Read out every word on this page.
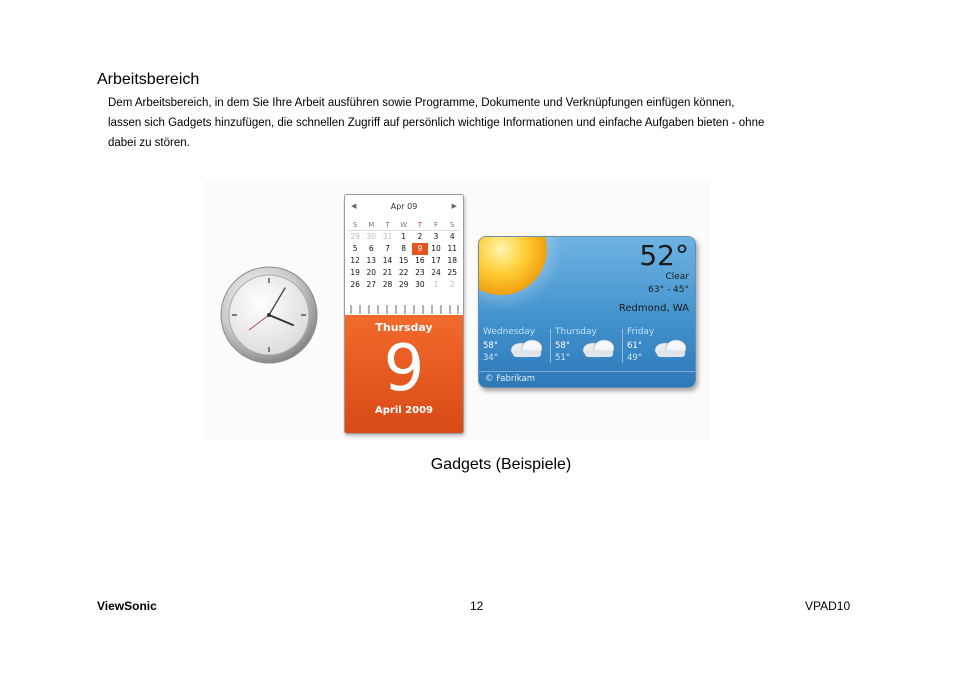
Arbeitsbereich
Dem Arbeitsbereich, in dem Sie Ihre Arbeit ausführen sowie Programme, Dokumente und Verknüpfungen einfügen können,
lassen sich Gadgets hinzufügen, die schnellen Zugriff auf persönlich wichtige Informationen und einfache Aufgaben bieten - ohne
dabei zu stören.
◀	Apr 09	▶
S	M	T	W	T	F	S
29 30 31	1	2	3	4
5	6	7	8	9	10 11
12 13 14 15 16 17 18
19 20 21 22 23 24 25
26 27 28 29 30	1	2
Thursday
9
April 2009
52°
Clear
63° - 45°
Redmond, WA
Wednesday
58°
34°
Thursday
58°
51°
Friday
61°
49°
© Fabrikam
Gadgets (Beispiele)
ViewSonic	12	VPAD10
